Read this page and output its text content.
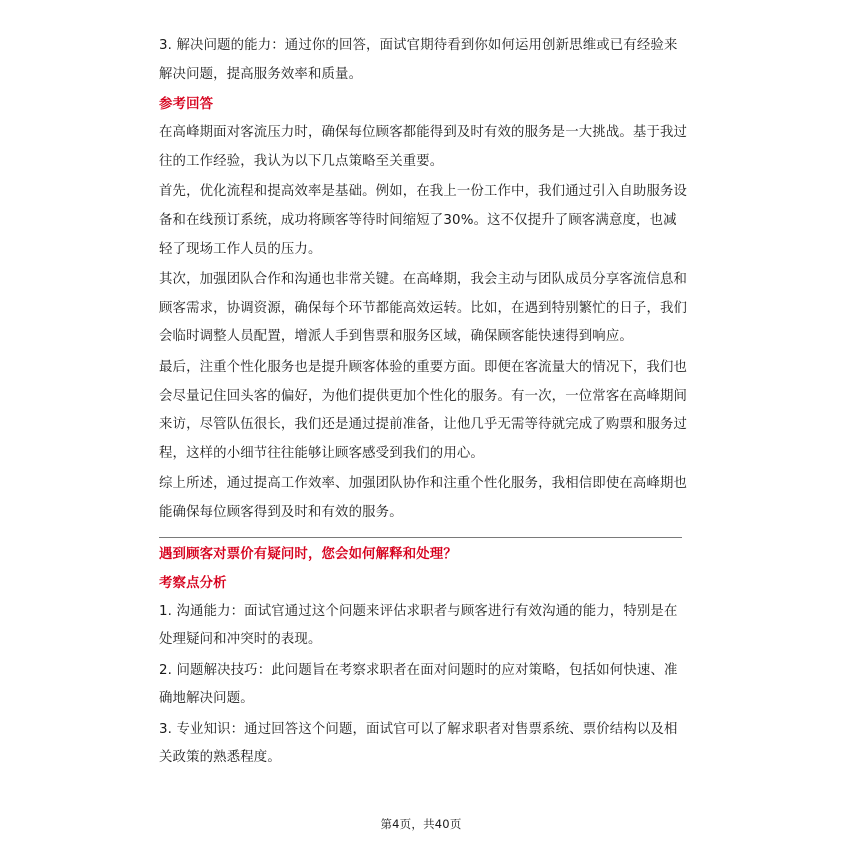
3. 解决问题的能力：通过你的回答，面试官期待看到你如何运用创新思维或已有经验来解决问题，提高服务效率和质量。

参考回答

在高峰期面对客流压力时，确保每位顾客都能得到及时有效的服务是一大挑战。基于我过往的工作经验，我认为以下几点策略至关重要。

首先，优化流程和提高效率是基础。例如，在我上一份工作中，我们通过引入自助服务设备和在线预订系统，成功将顾客等待时间缩短了30%。这不仅提升了顾客满意度，也减轻了现场工作人员的压力。

其次，加强团队合作和沟通也非常关键。在高峰期，我会主动与团队成员分享客流信息和顾客需求，协调资源，确保每个环节都能高效运转。比如，在遇到特别繁忙的日子，我们会临时调整人员配置，增派人手到售票和服务区域，确保顾客能快速得到响应。

最后，注重个性化服务也是提升顾客体验的重要方面。即便在客流量大的情况下，我们也会尽量记住回头客的偏好，为他们提供更加个性化的服务。有一次，一位常客在高峰期间来访，尽管队伍很长，我们还是通过提前准备，让他几乎无需等待就完成了购票和服务过程，这样的小细节往往能够让顾客感受到我们的用心。

综上所述，通过提高工作效率、加强团队协作和注重个性化服务，我相信即使在高峰期也能确保每位顾客得到及时和有效的服务。

遇到顾客对票价有疑问时，您会如何解释和处理？

考察点分析

1. 沟通能力：面试官通过这个问题来评估求职者与顾客进行有效沟通的能力，特别是在处理疑问和冲突时的表现。

2. 问题解决技巧：此问题旨在考察求职者在面对问题时的应对策略，包括如何快速、准确地解决问题。

3. 专业知识：通过回答这个问题，面试官可以了解求职者对售票系统、票价结构以及相关政策的熟悉程度。

第4页，共40页
